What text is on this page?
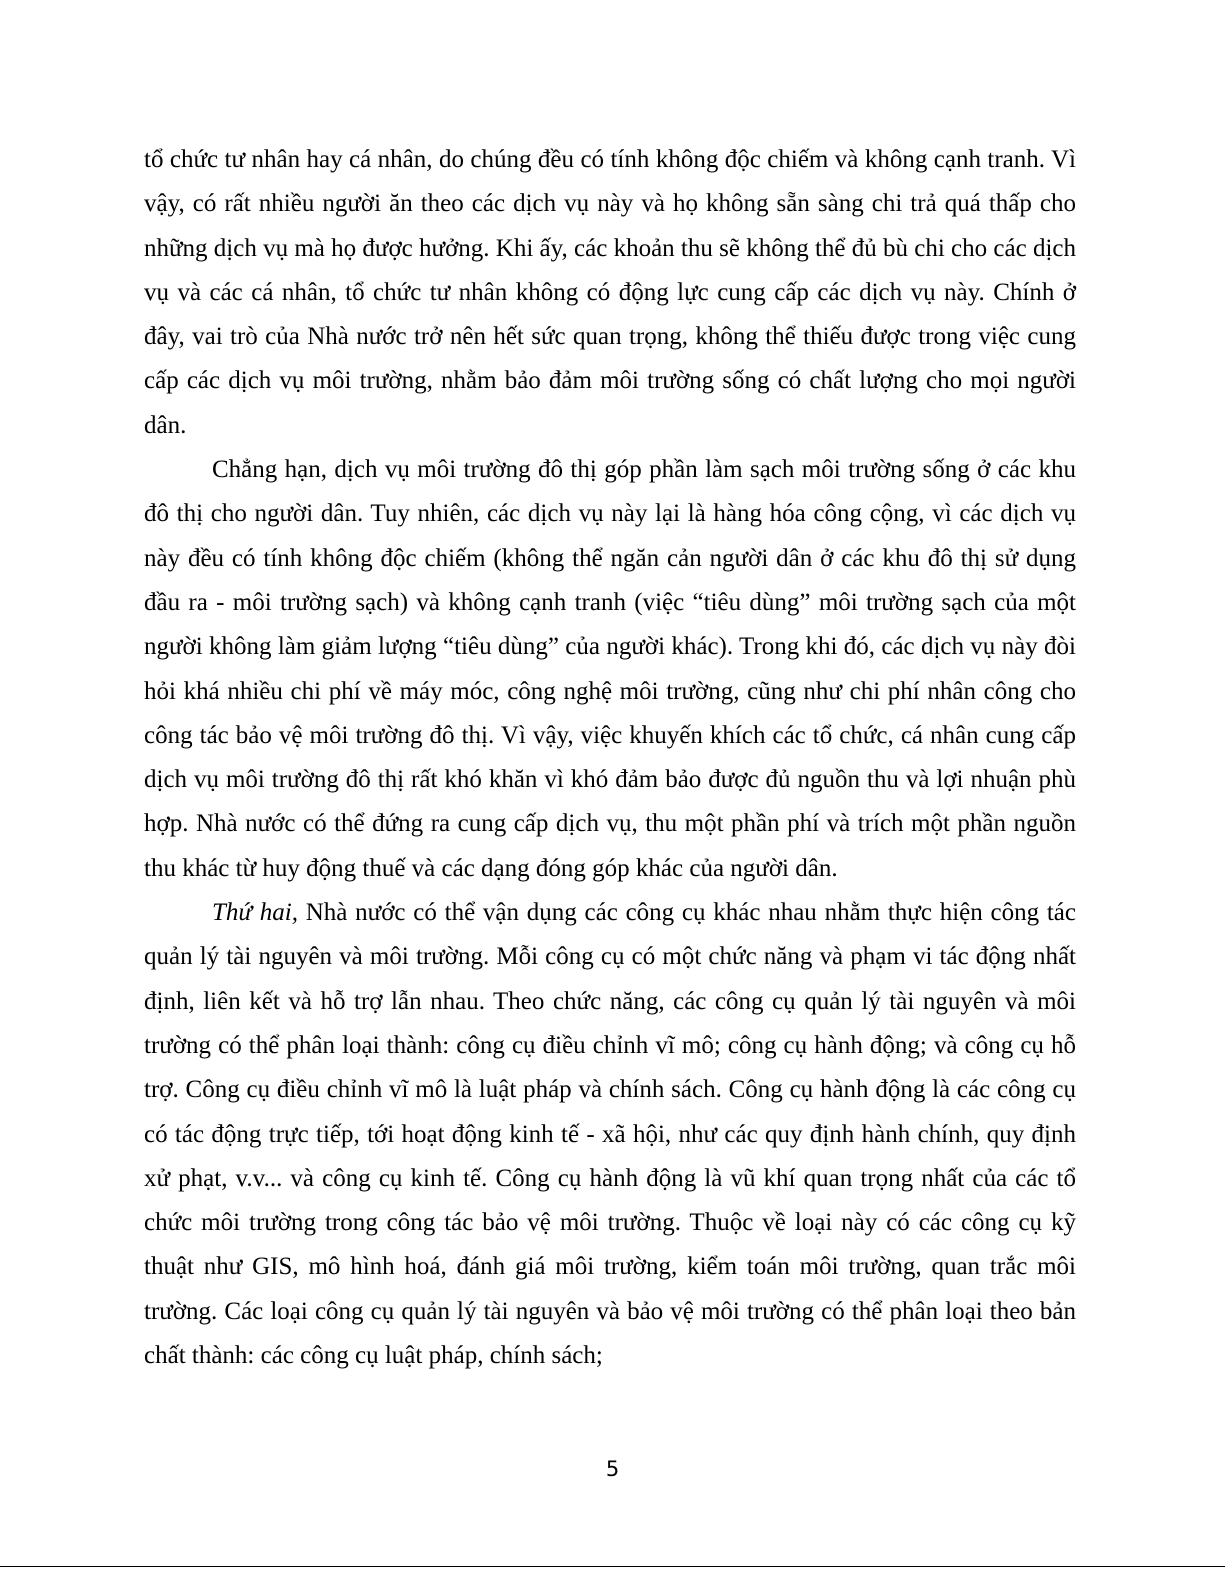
tổ chức tư nhân hay cá nhân, do chúng đều có tính không độc chiếm và không cạnh tranh. Vì vậy, có rất nhiều người ăn theo các dịch vụ này và họ không sẵn sàng chi trả quá thấp cho những dịch vụ mà họ được hưởng. Khi ấy, các khoản thu sẽ không thể đủ bù chi cho các dịch vụ và các cá nhân, tổ chức tư nhân không có động lực cung cấp các dịch vụ này. Chính ở đây, vai trò của Nhà nước trở nên hết sức quan trọng, không thể thiếu được trong việc cung cấp các dịch vụ môi trường, nhằm bảo đảm môi trường sống có chất lượng cho mọi người dân.

Chẳng hạn, dịch vụ môi trường đô thị góp phần làm sạch môi trường sống ở các khu đô thị cho người dân. Tuy nhiên, các dịch vụ này lại là hàng hóa công cộng, vì các dịch vụ này đều có tính không độc chiếm (không thể ngăn cản người dân ở các khu đô thị sử dụng đầu ra - môi trường sạch) và không cạnh tranh (việc “tiêu dùng” môi trường sạch của một người không làm giảm lượng “tiêu dùng” của người khác). Trong khi đó, các dịch vụ này đòi hỏi khá nhiều chi phí về máy móc, công nghệ môi trường, cũng như chi phí nhân công cho công tác bảo vệ môi trường đô thị. Vì vậy, việc khuyến khích các tổ chức, cá nhân cung cấp dịch vụ môi trường đô thị rất khó khăn vì khó đảm bảo được đủ nguồn thu và lợi nhuận phù hợp. Nhà nước có thể đứng ra cung cấp dịch vụ, thu một phần phí và trích một phần nguồn thu khác từ huy động thuế và các dạng đóng góp khác của người dân.

Thứ hai, Nhà nước có thể vận dụng các công cụ khác nhau nhằm thực hiện công tác quản lý tài nguyên và môi trường. Mỗi công cụ có một chức năng và phạm vi tác động nhất định, liên kết và hỗ trợ lẫn nhau. Theo chức năng, các công cụ quản lý tài nguyên và môi trường có thể phân loại thành: công cụ điều chỉnh vĩ mô; công cụ hành động; và công cụ hỗ trợ. Công cụ điều chỉnh vĩ mô là luật pháp và chính sách. Công cụ hành động là các công cụ có tác động trực tiếp, tới hoạt động kinh tế - xã hội, như các quy định hành chính, quy định xử phạt, v.v... và công cụ kinh tế. Công cụ hành động là vũ khí quan trọng nhất của các tổ chức môi trường trong công tác bảo vệ môi trường. Thuộc về loại này có các công cụ kỹ thuật như GIS, mô hình hoá, đánh giá môi trường, kiểm toán môi trường, quan trắc môi trường. Các loại công cụ quản lý tài nguyên và bảo vệ môi trường có thể phân loại theo bản chất thành: các công cụ luật pháp, chính sách;

5
